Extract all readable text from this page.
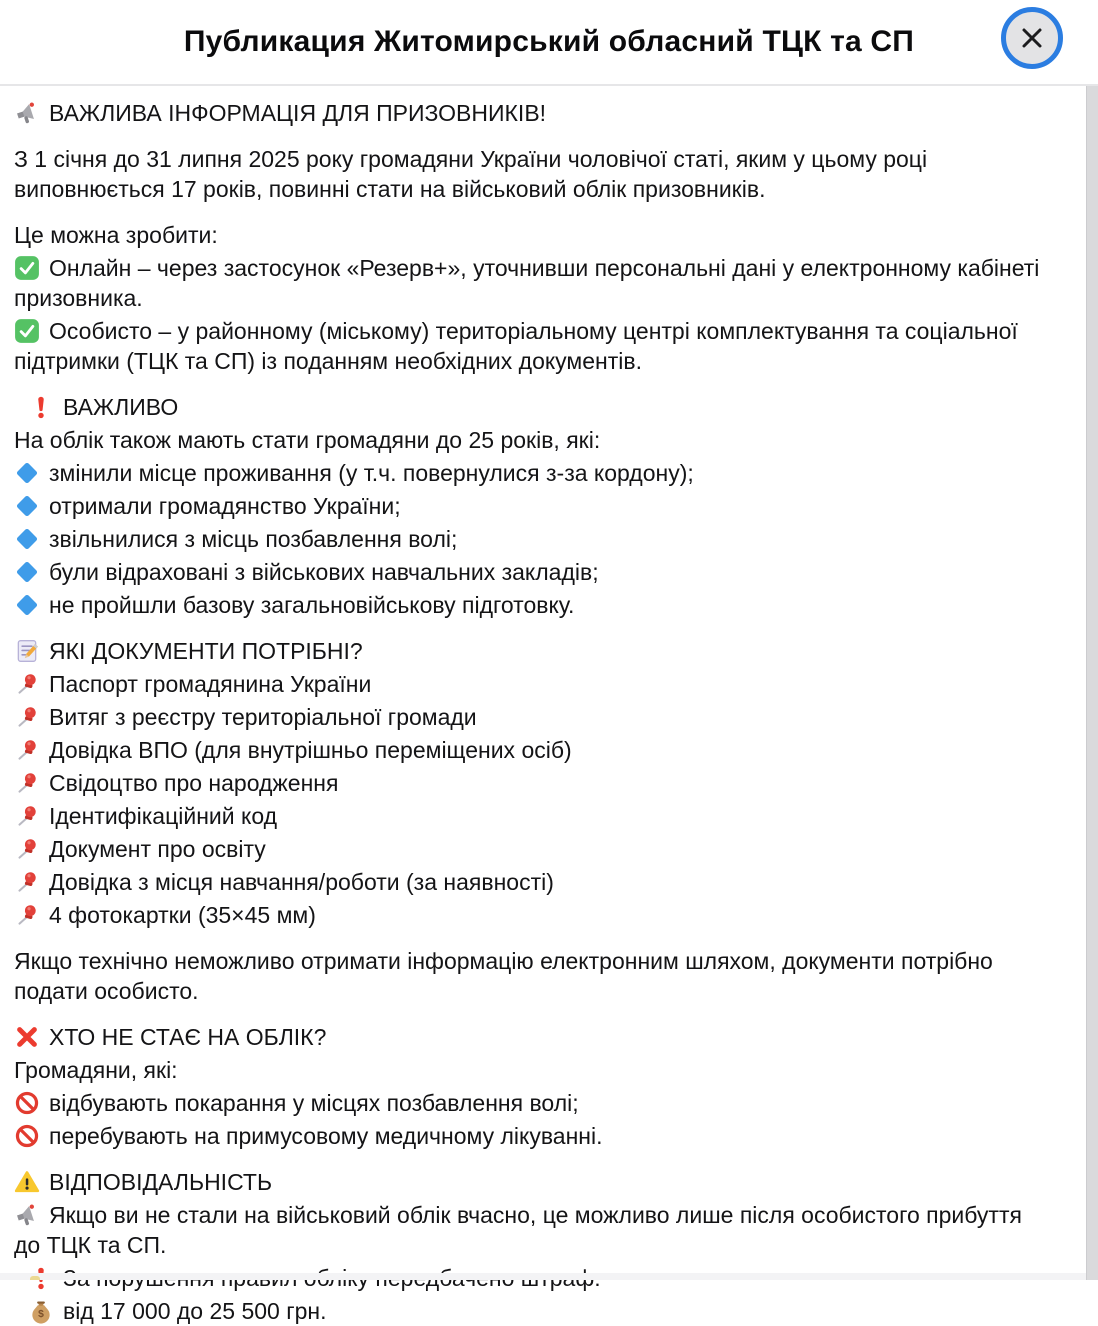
Публикация Житомирський обласний ТЦК та СП

ВАЖЛИВА ІНФОРМАЦІЯ ДЛЯ ПРИЗОВНИКІВ!

З 1 січня до 31 липня 2025 року громадяни України чоловічої статі, яким у цьому році виповнюється 17 років, повинні стати на військовий облік призовників.

Це можна зробити:

Онлайн – через застосунок «Резерв+», уточнивши персональні дані у електронному кабінеті призовника.

Особисто – у районному (міському) територіальному центрі комплектування та соціальної підтримки (ТЦК та СП) із поданням необхідних документів.

ВАЖЛИВО

На облік також мають стати громадяни до 25 років, які:

змінили місце проживання (у т.ч. повернулися з-за кордону);

отримали громадянство України;

звільнилися з місць позбавлення волі;

були відраховані з військових навчальних закладів;

не пройшли базову загальновійськову підготовку.

ЯКІ ДОКУМЕНТИ ПОТРІБНІ?

Паспорт громадянина України

Витяг з реєстру територіальної громади

Довідка ВПО (для внутрішньо переміщених осіб)

Свідоцтво про народження

Ідентифікаційний код

Документ про освіту

Довідка з місця навчання/роботи (за наявності)

4 фотокартки (35×45 мм)

Якщо технічно неможливо отримати інформацію електронним шляхом, документи потрібно подати особисто.

ХТО НЕ СТАЄ НА ОБЛІК?

Громадяни, які:

відбувають покарання у місцях позбавлення волі;

перебувають на примусовому медичному лікуванні.

ВІДПОВІДАЛЬНІСТЬ

Якщо ви не стали на військовий облік вчасно, це можливо лише після особистого прибуття до ТЦК та СП.

$ від 17 000 до 25 500 грн.
